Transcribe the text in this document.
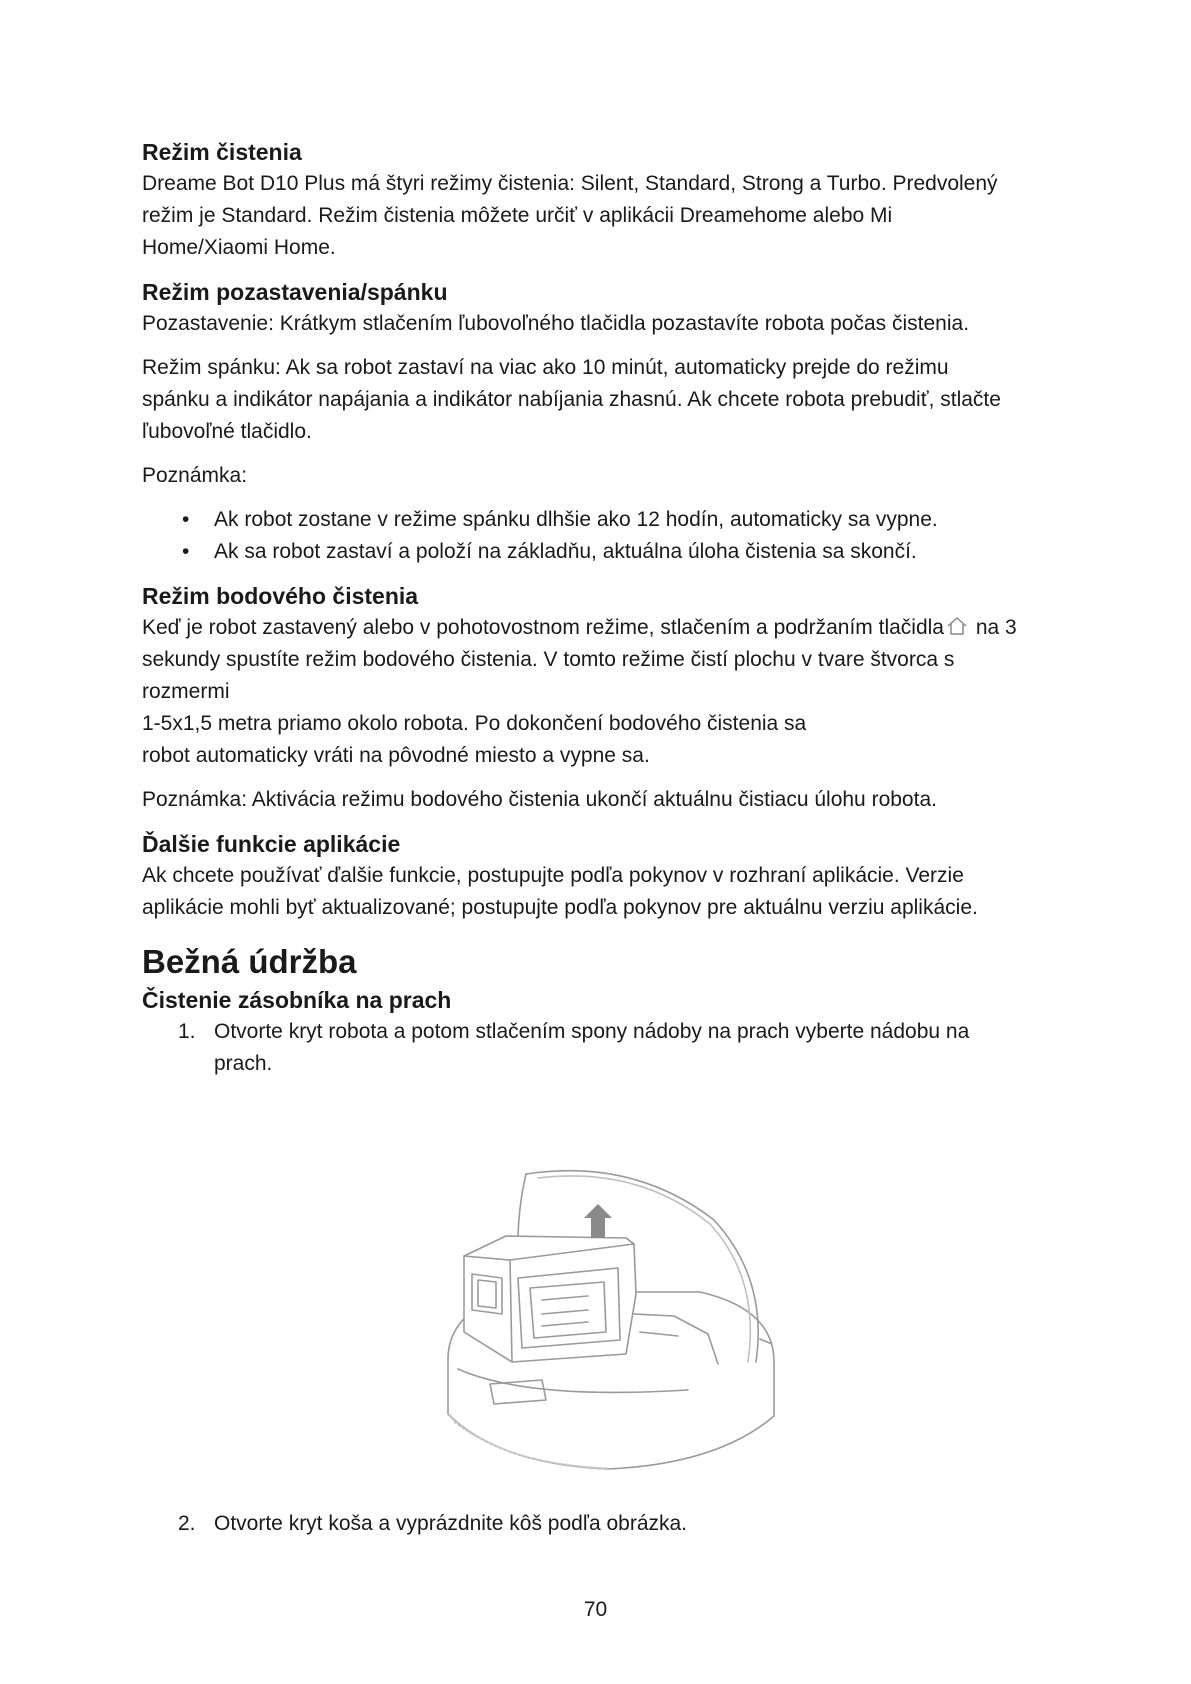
Režim čistenia

Dreame Bot D10 Plus má štyri režimy čistenia: Silent, Standard, Strong a Turbo. Predvolený

režim je Standard. Režim čistenia môžete určiť v aplikácii Dreamehome alebo Mi

Home/Xiaomi Home.

Režim pozastavenia/spánku

Pozastavenie: Krátkym stlačením ľubovoľného tlačidla pozastavíte robota počas čistenia.

Režim spánku: Ak sa robot zastaví na viac ako 10 minút, automaticky prejde do režimu

spánku a indikátor napájania a indikátor nabíjania zhasnú. Ak chcete robota prebudiť, stlačte

ľubovoľné tlačidlo.

Poznámka:

• Ak robot zostane v režime spánku dlhšie ako 12 hodín, automaticky sa vypne.
• Ak sa robot zastaví a položí na základňu, aktuálna úloha čistenia sa skončí.
Režim bodového čistenia

Keď je robot zastavený alebo v pohotovostnom režime, stlačením a podržaním tlačidla na 3

sekundy spustíte režim bodového čistenia. V tomto režime čistí plochu v tvare štvorca s

rozmermi

1-5x1,5 metra priamo okolo robota. Po dokončení bodového čistenia sa

robot automaticky vráti na pôvodné miesto a vypne sa.

Poznámka: Aktivácia režimu bodového čistenia ukončí aktuálnu čistiacu úlohu robota.

Ďalšie funkcie aplikácie

Ak chcete používať ďalšie funkcie, postupujte podľa pokynov v rozhraní aplikácie. Verzie

aplikácie mohli byť aktualizované; postupujte podľa pokynov pre aktuálnu verziu aplikácie.

Bežná údržba
Čistenie zásobníka na prach
1. Otvorte kryt robota a potom stlačením spony nádoby na prach vyberte nádobu na
prach.

2. Otvorte kryt koša a vyprázdnite kôš podľa obrázka.

70
